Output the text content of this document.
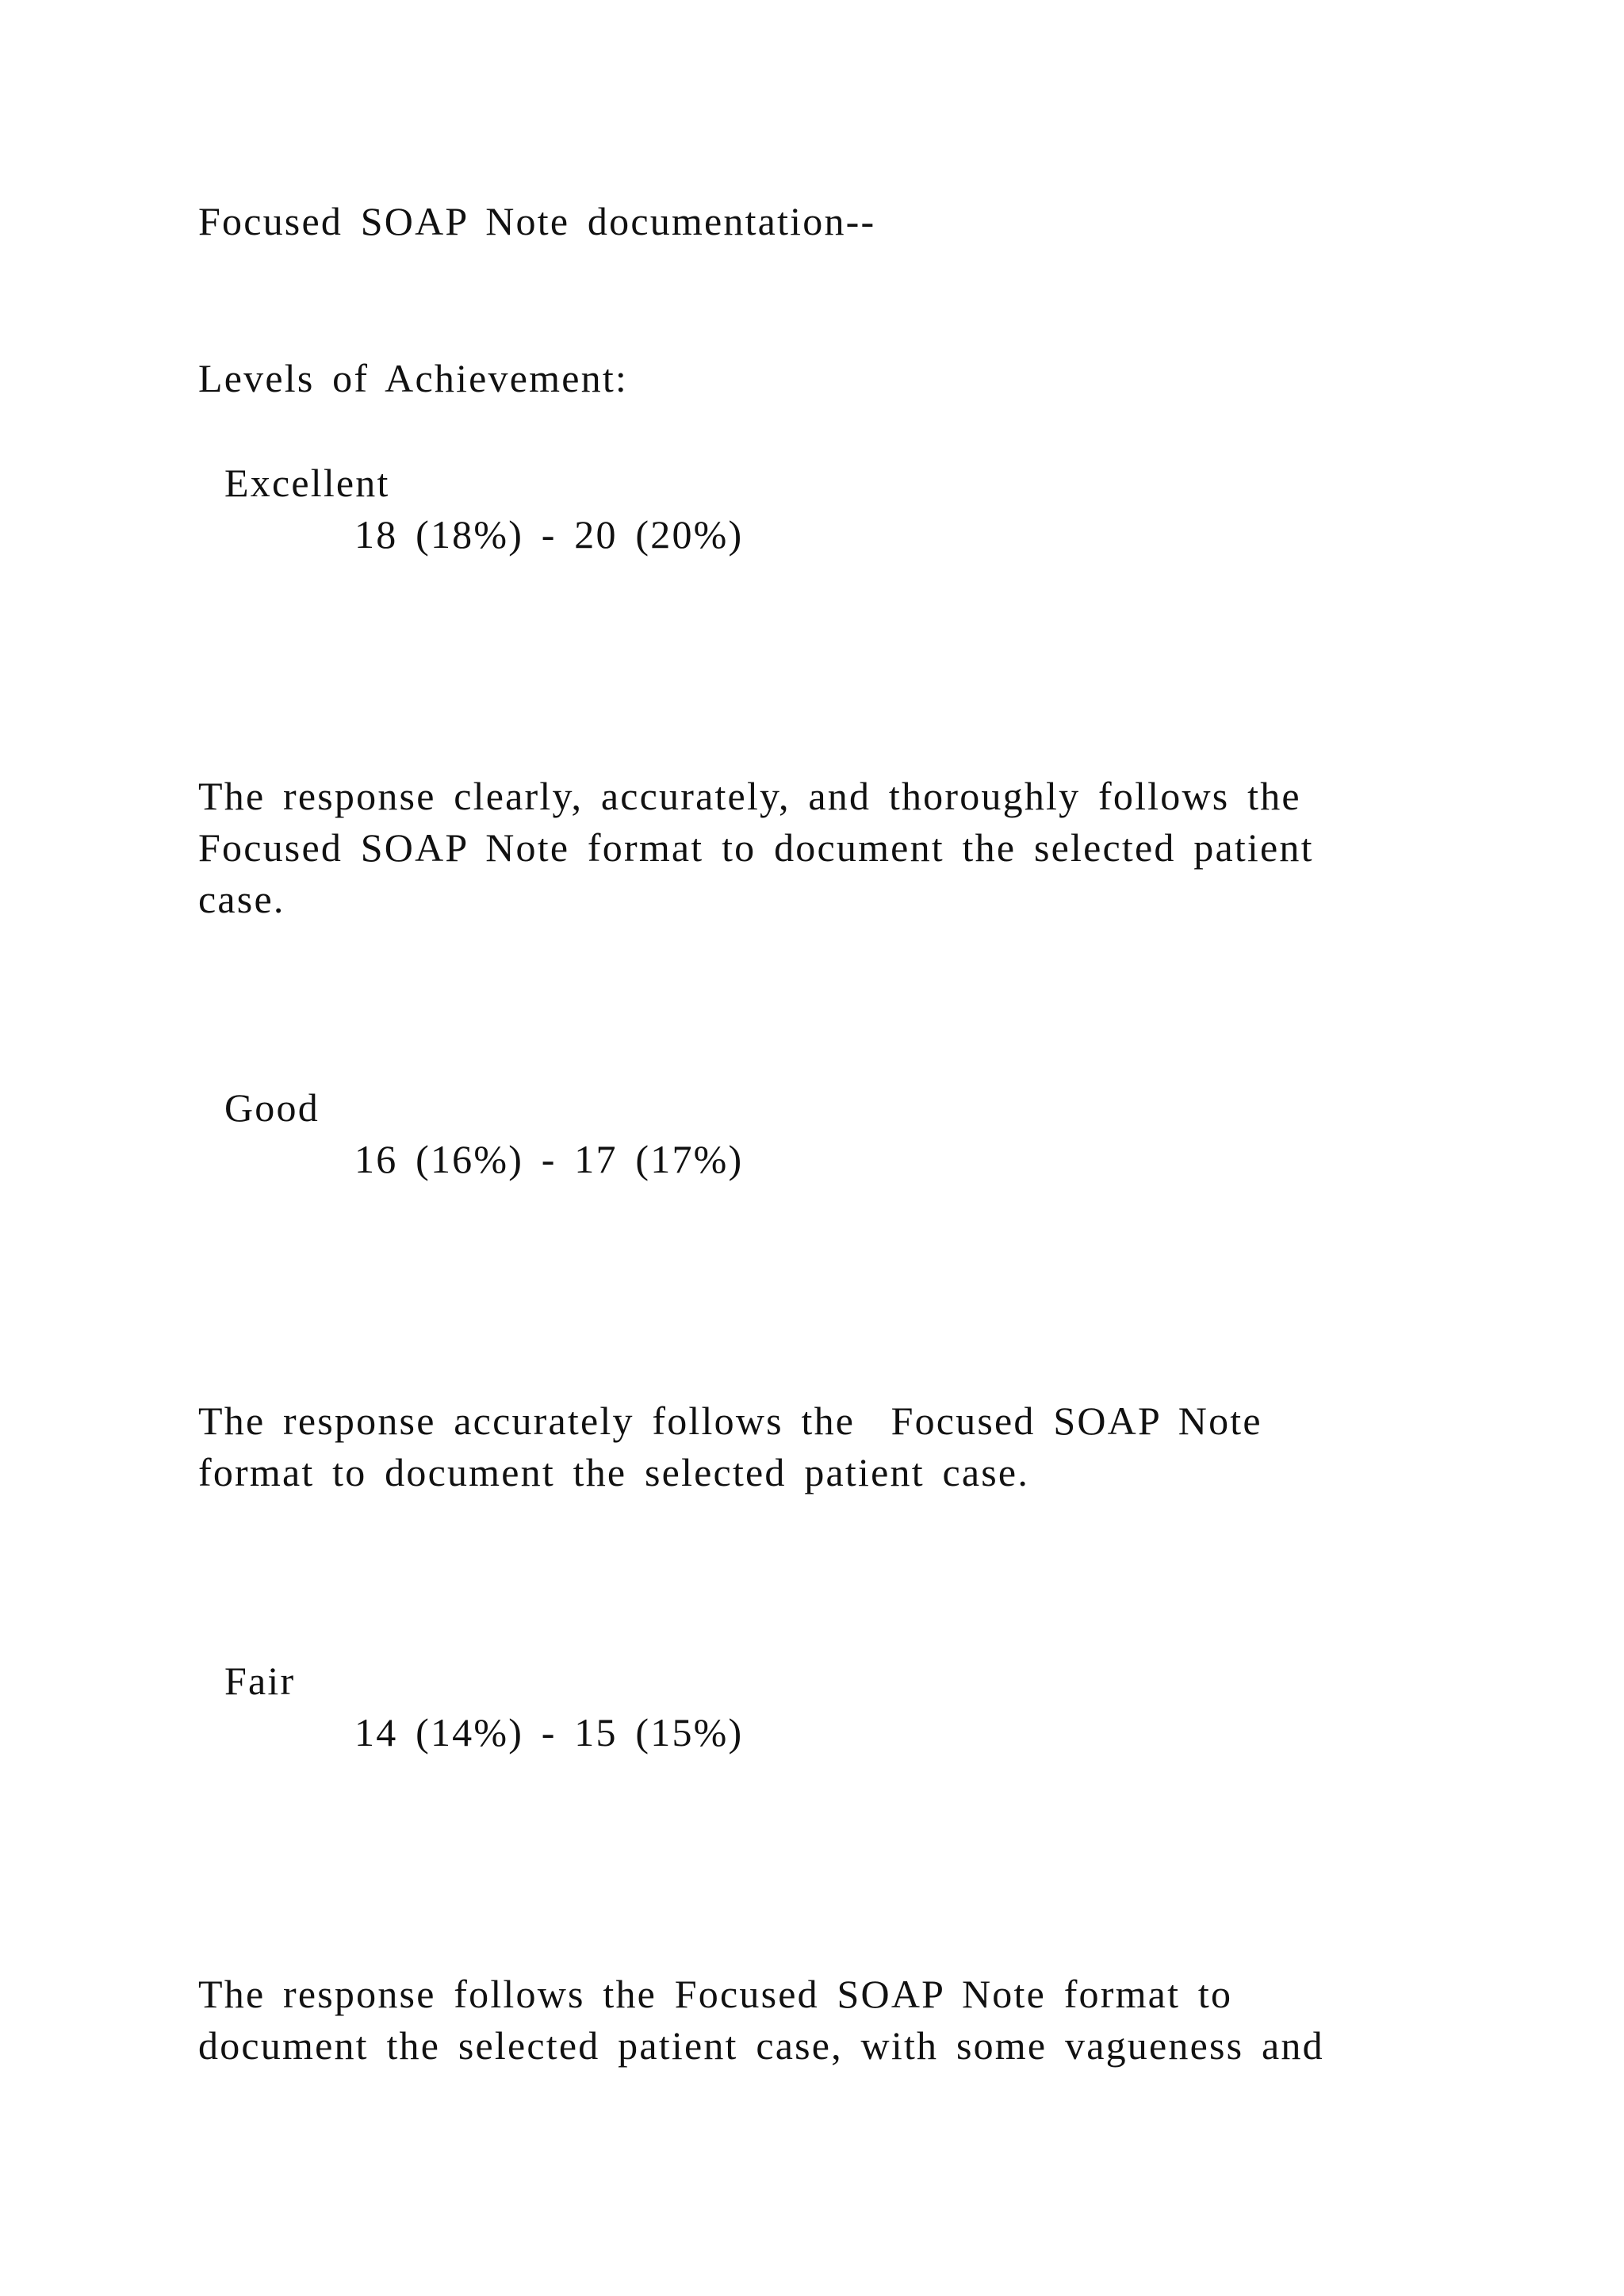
Focused SOAP Note documentation--
Levels of Achievement:
Excellent
18 (18%) - 20 (20%)
The response clearly, accurately, and thoroughly follows the
Focused SOAP Note format to document the selected patient
case.
Good
16 (16%) - 17 (17%)
The response accurately follows the  Focused SOAP Note
format to document the selected patient case.
Fair
14 (14%) - 15 (15%)
The response follows the Focused SOAP Note format to
document the selected patient case, with some vagueness and
